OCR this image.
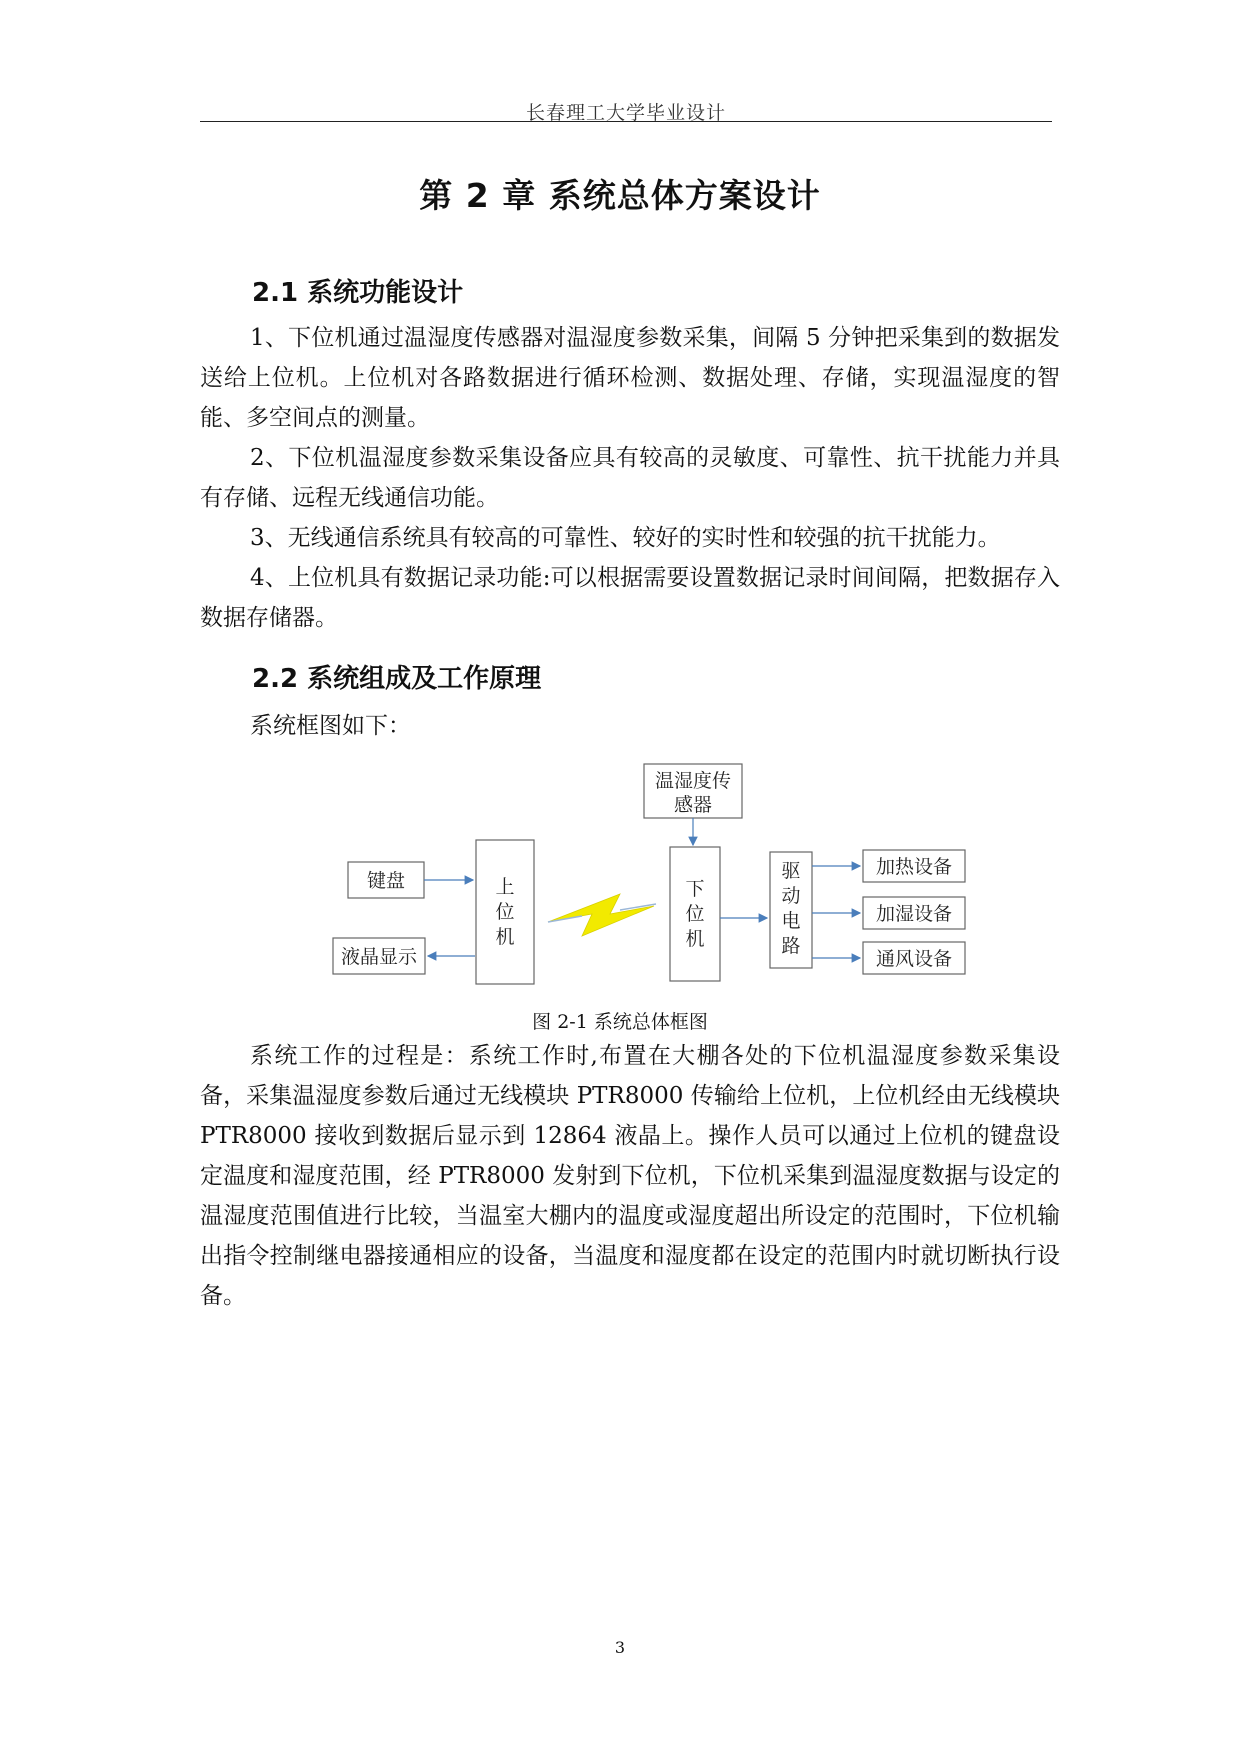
长春理工大学毕业设计
第 2 章 系统总体方案设计
2.1 系统功能设计
1、下位机通过温湿度传感器对温湿度参数采集，间隔 5 分钟把采集到的数据发送给上位机。上位机对各路数据进行循环检测、数据处理、存储，实现温湿度的智能、多空间点的测量。
2、下位机温湿度参数采集设备应具有较高的灵敏度、可靠性、抗干扰能力并具有存储、远程无线通信功能。
3、无线通信系统具有较高的可靠性、较好的实时性和较强的抗干扰能力。
4、上位机具有数据记录功能:可以根据需要设置数据记录时间间隔，把数据存入数据存储器。
2.2 系统组成及工作原理
系统框图如下：
键盘
液晶显示
上
位
机
温湿度传
感器
下
位
机
驱
动
电
路
加热设备
加湿设备
通风设备
图 2-1 系统总体框图
系统工作的过程是：系统工作时,布置在大棚各处的下位机温湿度参数采集设备，采集温湿度参数后通过无线模块 PTR8000 传输给上位机，上位机经由无线模块 PTR8000 接收到数据后显示到 12864 液晶上。操作人员可以通过上位机的键盘设定温度和湿度范围，经 PTR8000 发射到下位机，下位机采集到温湿度数据与设定的温湿度范围值进行比较，当温室大棚内的温度或湿度超出所设定的范围时，下位机输出指令控制继电器接通相应的设备，当温度和湿度都在设定的范围内时就切断执行设备。
3
